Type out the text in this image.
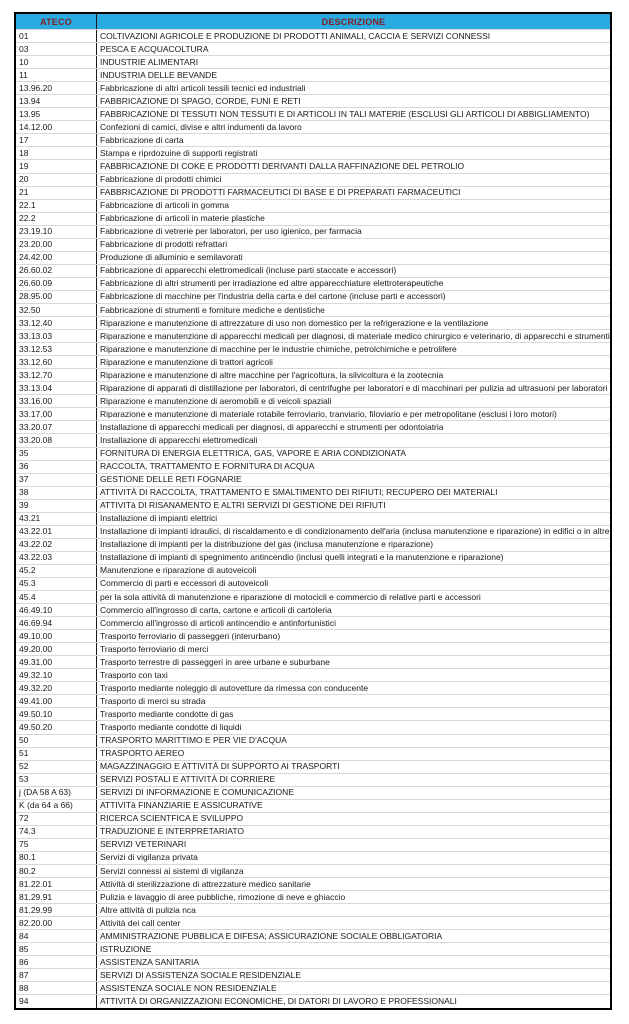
ATECO	DESCRIZIONE
01	COLTIVAZIONI AGRICOLE E PRODUZIONE DI PRODOTTI ANIMALI, CACCIA E SERVIZI CONNESSI
03	PESCA E ACQUACOLTURA
10	INDUSTRIE ALIMENTARI
11	INDUSTRIA DELLE BEVANDE
13.96.20	Fabbricazione di altri articoli tessili tecnici ed industriali
13.94	FABBRICAZIONE DI SPAGO, CORDE, FUNI E RETI
13.95	FABBRICAZIONE DI TESSUTI NON TESSUTI E DI ARTICOLI IN TALI MATERIE (ESCLUSI GLI ARTICOLI DI ABBIGLIAMENTO)
14.12.00	Confezioni di camici, divise e altri indumenti da lavoro
17	Fabbricazione di carta
18	Stampa e riprdozuine di supporti registrati
19	FABBRICAZIONE DI COKE E PRODOTTI DERIVANTI DALLA RAFFINAZIONE DEL PETROLIO
20	Fabbricazione di prodotti chimici
21	FABBRICAZIONE DI PRODOTTI FARMACEUTICI DI BASE E DI PREPARATI FARMACEUTICI
22.1	Fabbricazione di articoli in gomma
22.2	Fabbricazione di articoli in materie plastiche
23.19.10	Fabbricazione di vetrerie per laboratori, per uso igienico, per farmacia
23.20.00	Fabbricazione di prodotti refrattari
24.42.00	Produzione di alluminio e semilavorati
26.60.02	Fabbricazione di apparecchi elettromedicali (incluse parti staccate e accessori)
26.60.09	Fabbricazione di altri strumenti per irradiazione ed altre apparecchiature elettroterapeutiche
28.95.00	Fabbricazione di macchine per l'industria della carta e del cartone (incluse parti e accessori)
32.50	Fabbricazione di strumenti e forniture mediche e dentistiche
33.12.40	Riparazione e manutenzione di attrezzature di uso non domestico per la refrigerazione e la ventilazione
33.13.03	Riparazione e manutenzione di apparecchi medicali per diagnosi, di materiale medico chirurgico e veterinario, di apparecchi e strumenti
33.12.53	Riparazione e manutenzione di macchine per le industrie chimiche, petrolchimiche e petrolifere
33.12.60	Riparazione e manutenzione di trattori agricoli
33.12.70	Riparazione e manutenzione di altre macchine per l'agricoltura, la silvicoltura e la zootecnia
33.13.04	Riparazione di apparati di distillazione per laboratori, di centrifughe per laboratori e di macchinari per pulizia ad ultrasuoni per laboratori
33.16.00	Riparazione e manutenzione di aeromobili e di veicoli spaziali
33.17.00	Riparazione e manutenzione di materiale rotabile ferroviario, tranviario, filoviario e per metropolitane (esclusi i loro motori)
33.20.07	Installazione di apparecchi medicali per diagnosi, di apparecchi e strumenti per odontoiatria
33.20.08	Installazione di apparecchi elettromedicali
35	FORNITURA DI ENERGIA ELETTRICA, GAS, VAPORE E ARIA CONDIZIONATA
36	RACCOLTA, TRATTAMENTO E FORNITURA DI ACQUA
37	GESTIONE DELLE RETI FOGNARIE
38	ATTIVITÀ DI RACCOLTA, TRATTAMENTO E SMALTIMENTO DEI RIFIUTI; RECUPERO DEI MATERIALI
39	ATTIVITà DI RISANAMENTO E ALTRI SERVIZI DI GESTIONE DEI RIFIUTI
43.21	Installazione di impianti elettrici
43.22.01	Installazione di impianti idraulici, di riscaldamento e di condizionamento dell'aria (inclusa manutenzione e riparazione) in edifici o in altre
43.22.02	Installazione di impianti per la distribuzione del gas (inclusa manutenzione e riparazione)
43.22.03	Installazione di impianti di spegnimento antincendio (inclusi quelli integrati e la manutenzione e riparazione)
45.2	Manutenzione e riparazione di autoveicoli
45.3	Commercio di parti e eccessori di autoveicoli
45.4	per la sola attività di manutenzione e riparazione di motocicli e commercio di relative parti e accessori
46.49.10	Commercio all'ingrosso di carta, cartone e articoli di cartoleria
46.69.94	Commercio all'ingrosso di articoli antincendio e antinfortunistici
49.10.00	Trasporto ferroviario di passeggeri (interurbano)
49.20.00	Trasporto ferroviario di merci
49.31.00	Trasporto terrestre di passeggeri in aree urbane e suburbane
49.32.10	Trasporto con taxi
49.32.20	Trasporto mediante noleggio di autovetture da rimessa con conducente
49.41.00	Trasporto di merci su strada
49.50.10	Trasporto mediante condotte di gas
49.50.20	Trasporto mediante condotte di liquidi
50	TRASPORTO MARITTIMO E PER VIE D'ACQUA
51	TRASPORTO AEREO
52	MAGAZZINAGGIO E ATTIVITÀ DI SUPPORTO AI TRASPORTI
53	SERVIZI POSTALI E ATTIVITÀ DI CORRIERE
j (DA 58 A 63)	SERVIZI DI INFORMAZIONE E COMUNICAZIONE
K (da 64 a 66)	ATTIVITà FINANZIARIE E ASSICURATIVE
72	RICERCA SCIENTFICA E SVILUPPO
74.3	TRADUZIONE E INTERPRETARIATO
75	SERVIZI VETERINARI
80.1	Servizi di vigilanza privata
80.2	Servizi connessi ai sistemi di vigilanza
81.22.01	Attività di sterilizzazione di attrezzature medico sanitarie
81.29.91	Pulizia e lavaggio di aree pubbliche, rimozione di neve e ghiaccio
81.29.99	Altre attività di pulizia nca
82.20.00	Attività dei call center
84	AMMINISTRAZIONE PUBBLICA E DIFESA; ASSICURAZIONE SOCIALE OBBLIGATORIA
85	ISTRUZIONE
86	ASSISTENZA SANITARIA
87	SERVIZI DI ASSISTENZA SOCIALE RESIDENZIALE
88	ASSISTENZA SOCIALE NON RESIDENZIALE
94	ATTIVITÀ DI ORGANIZZAZIONI ECONOMICHE, DI DATORI DI LAVORO E PROFESSIONALI
